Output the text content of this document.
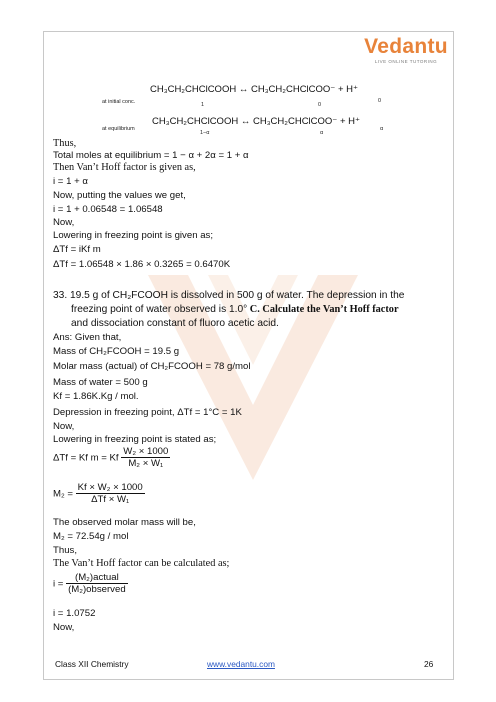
Vedantu
LIVE ONLINE TUTORING
CH₃CH₂CHClCOOH ↔ CH₃CH₂CHClCOO⁻ + H⁺
at initial conc.	1	0
0
CH₃CH₂CHClCOOH ↔ CH₃CH₂CHClCOO⁻ + H⁺
at equilibrium
1−α	α
α
Thus,
Total moles at equilibrium = 1 − α + 2α = 1 + α
Then Van’t Hoff factor is given as,
i = 1 + α
Now, putting the values we get,
i = 1 + 0.06548 = 1.06548
Now,
Lowering in freezing point is given as;
ΔTf = iKf m
ΔTf = 1.06548 × 1.86 × 0.3265 = 0.6470K
33. 19.5 g of CH₂FCOOH is dissolved in 500 g of water. The depression in the
freezing point of water observed is 1.0° C. Calculate the Van’t Hoff factor
and dissociation constant of fluoro acetic acid.
Ans: Given that,
Mass of CH₂FCOOH = 19.5 g
Molar mass (actual) of CH₂FCOOH = 78 g/mol
Mass of water = 500 g
Kf = 1.86K.Kg / mol.
Depression in freezing point, ΔTf = 1°C = 1K
Now,
Lowering in freezing point is stated as;
ΔTf = Kf m = Kf $\frac{\text{W₂ × 1000}}{\text{M₂ × W₁}}$
$M_2 = \frac{\text{Kf × W₂ × 1000}}{\text{ΔTf × W₁}}$
The observed molar mass will be,
M₂ = 72.54g / mol
Thus,
The Van’t Hoff factor can be calculated as;
$i = \frac{\text{(M₂)actual}}{\text{(M₂)observed}}$
i = 1.0752
Now,
Class XII Chemistry	www.vedantu.com	26
